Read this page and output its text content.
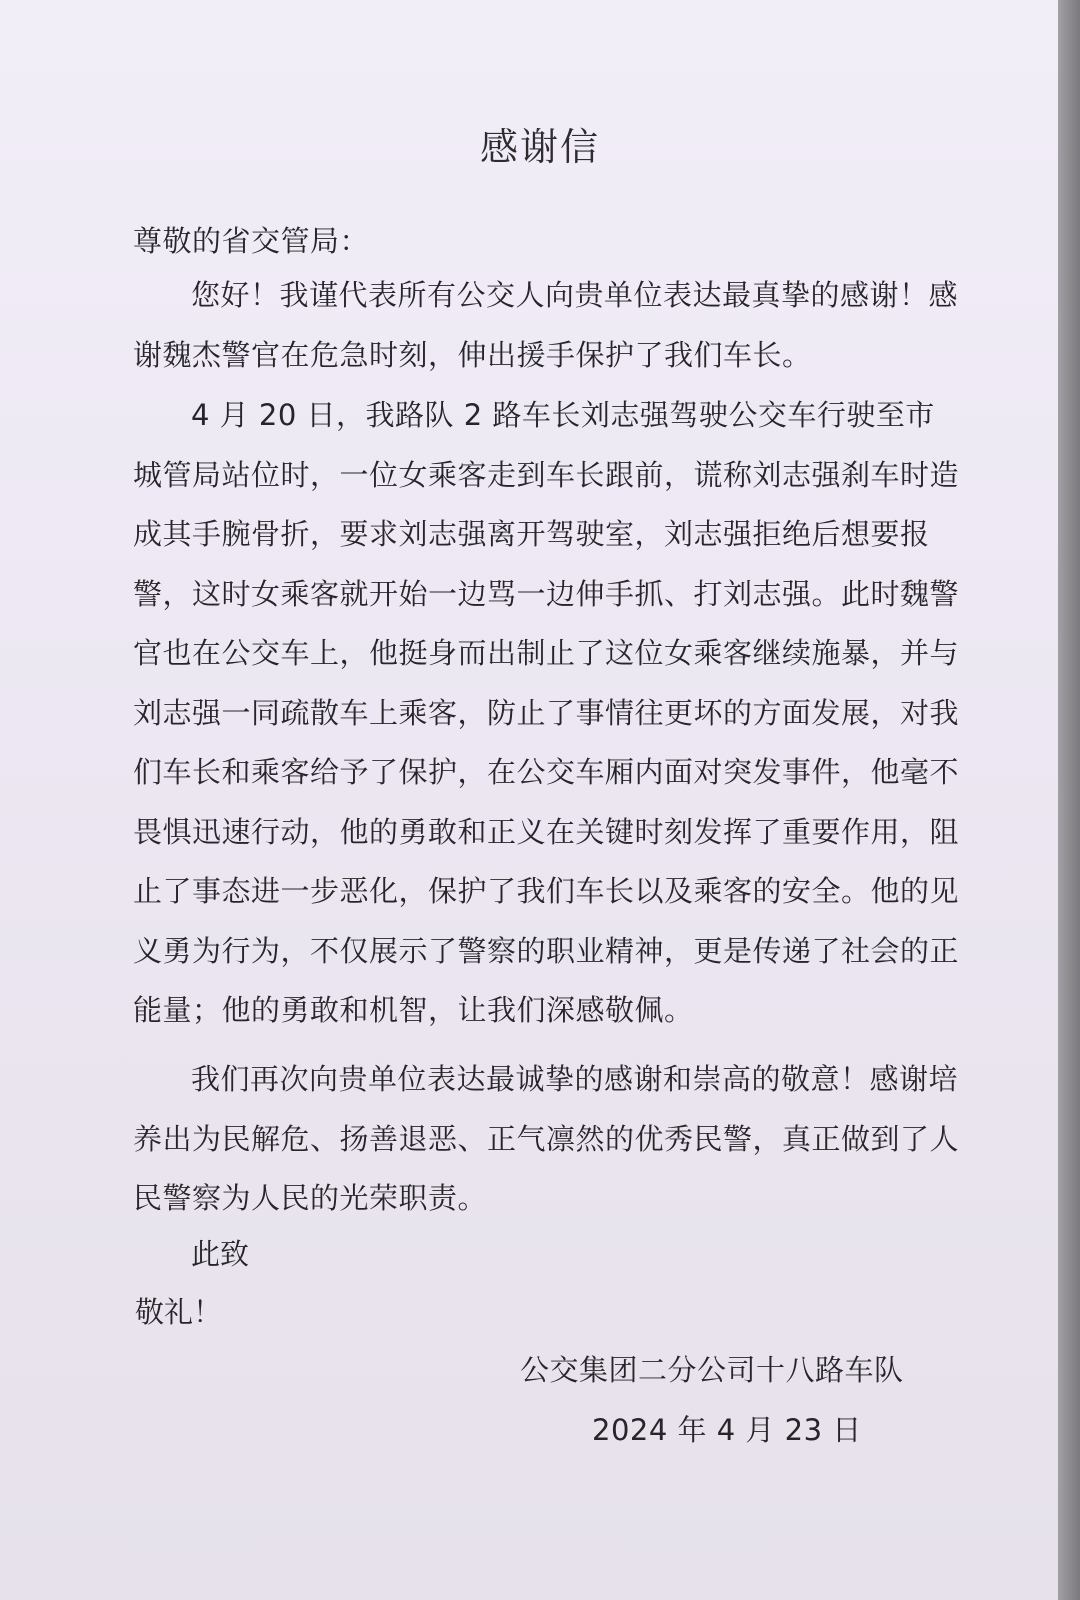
感谢信
尊敬的省交管局：
您好！我谨代表所有公交人向贵单位表达最真挚的感谢！感谢魏杰警官在危急时刻，伸出援手保护了我们车长。
4 月 20 日，我路队 2 路车长刘志强驾驶公交车行驶至市城管局站位时，一位女乘客走到车长跟前，谎称刘志强刹车时造成其手腕骨折，要求刘志强离开驾驶室，刘志强拒绝后想要报警，这时女乘客就开始一边骂一边伸手抓、打刘志强。此时魏警官也在公交车上，他挺身而出制止了这位女乘客继续施暴，并与刘志强一同疏散车上乘客，防止了事情往更坏的方面发展，对我们车长和乘客给予了保护，在公交车厢内面对突发事件，他毫不畏惧迅速行动，他的勇敢和正义在关键时刻发挥了重要作用，阻止了事态进一步恶化，保护了我们车长以及乘客的安全。他的见义勇为行为，不仅展示了警察的职业精神，更是传递了社会的正能量；他的勇敢和机智，让我们深感敬佩。
我们再次向贵单位表达最诚挚的感谢和崇高的敬意！感谢培养出为民解危、扬善退恶、正气凛然的优秀民警，真正做到了人民警察为人民的光荣职责。
此致
敬礼！
公交集团二分公司十八路车队
2024 年 4 月 23 日
